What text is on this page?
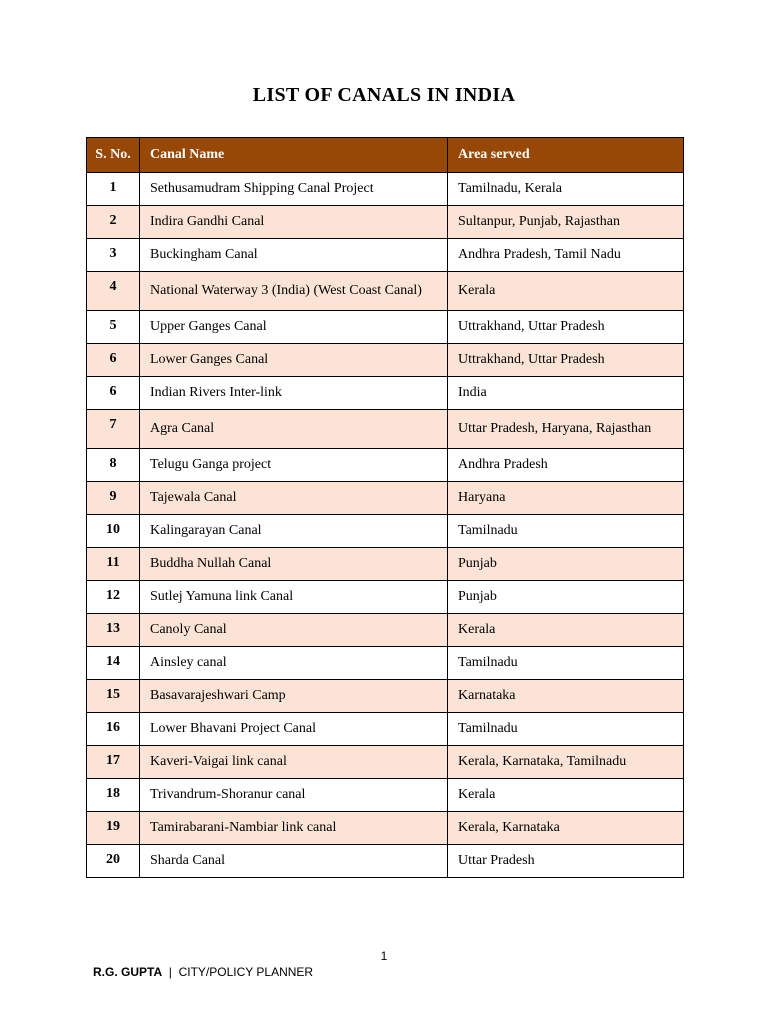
LIST OF CANALS IN INDIA
S. No.	Canal Name	Area served
1	Sethusamudram Shipping Canal Project	Tamilnadu, Kerala
2	Indira Gandhi Canal	Sultanpur, Punjab, Rajasthan
3	Buckingham Canal	Andhra Pradesh, Tamil Nadu
4	National Waterway 3 (India) (West Coast Canal)	Kerala
5	Upper Ganges Canal	Uttrakhand, Uttar Pradesh
6	Lower Ganges Canal	Uttrakhand, Uttar Pradesh
6	Indian Rivers Inter-link	India
7	Agra Canal	Uttar Pradesh, Haryana, Rajasthan
8	Telugu Ganga project	Andhra Pradesh
9	Tajewala Canal	Haryana
10	Kalingarayan Canal	Tamilnadu
11	Buddha Nullah Canal	Punjab
12	Sutlej Yamuna link Canal	Punjab
13	Canoly Canal	Kerala
14	Ainsley canal	Tamilnadu
15	Basavarajeshwari Camp	Karnataka
16	Lower Bhavani Project Canal	Tamilnadu
17	Kaveri-Vaigai link canal	Kerala, Karnataka, Tamilnadu
18	Trivandrum-Shoranur canal	Kerala
19	Tamirabarani-Nambiar link canal	Kerala, Karnataka
20	Sharda Canal	Uttar Pradesh
1
R.G. GUPTA | CITY/POLICY PLANNER
